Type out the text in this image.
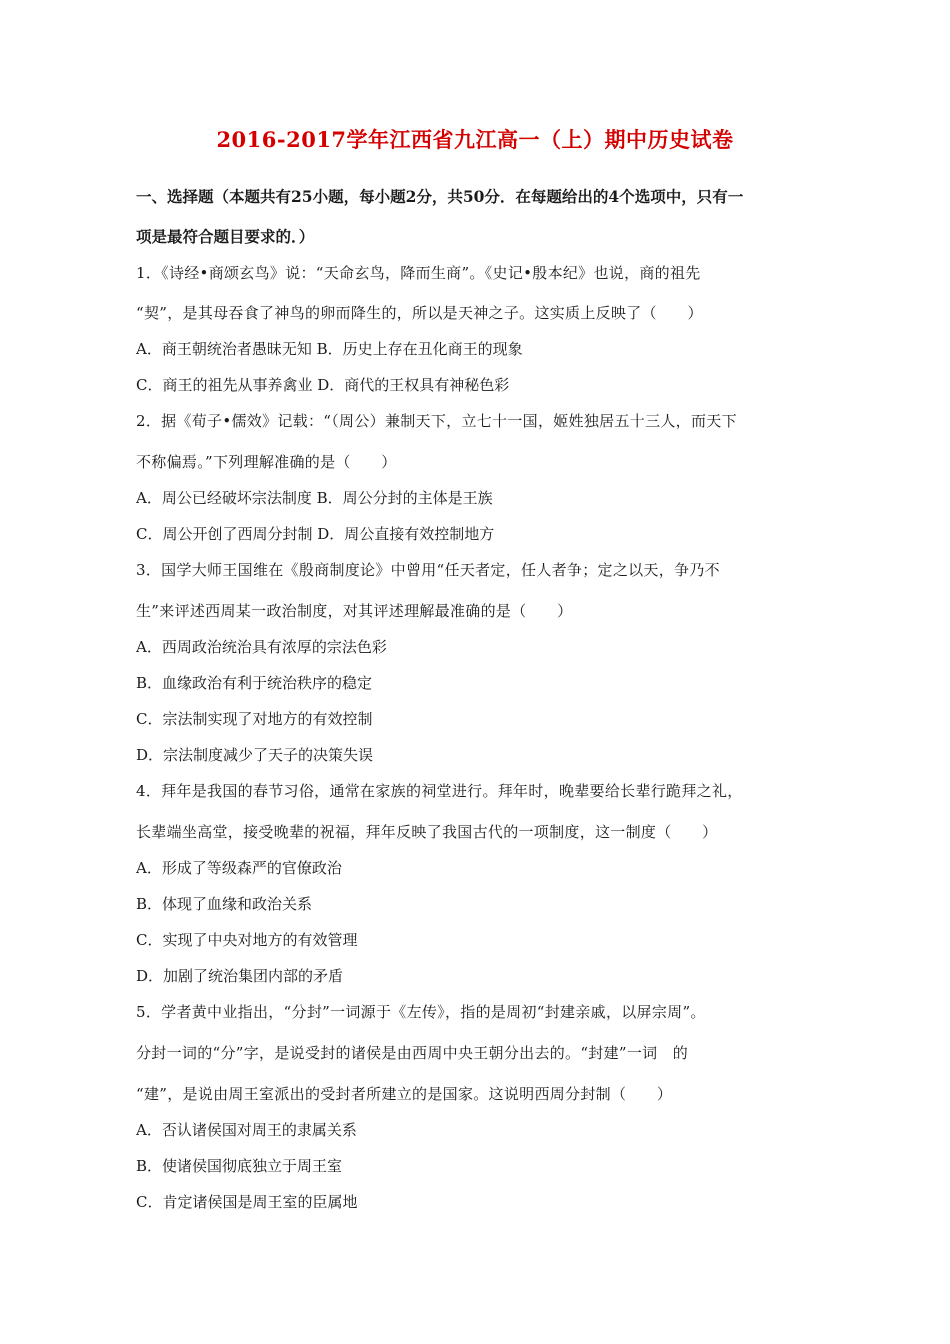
2016-2017学年江西省九江高一（上）期中历史试卷
一、选择题（本题共有25小题，每小题2分，共50分．在每题给出的4个选项中，只有一
项是最符合题目要求的．）
1．《诗经•商颂玄鸟》说：“天命玄鸟，降而生商”。《史记•殷本纪》也说，商的祖先
“契”，是其母吞食了神鸟的卵而降生的，所以是天神之子。这实质上反映了（　　）
A．商王朝统治者愚昧无知 B．历史上存在丑化商王的现象
C．商王的祖先从事养禽业 D．商代的王权具有神秘色彩
2．据《荀子•儒效》记载：“（周公）兼制天下，立七十一国，姬姓独居五十三人，而天下
不称偏焉。”下列理解准确的是（　　）
A．周公已经破坏宗法制度 B．周公分封的主体是王族
C．周公开创了西周分封制 D．周公直接有效控制地方
3．国学大师王国维在《殷商制度论》中曾用“任天者定，任人者争；定之以天，争乃不
生”来评述西周某一政治制度，对其评述理解最准确的是（　　）
A．西周政治统治具有浓厚的宗法色彩
B．血缘政治有利于统治秩序的稳定
C．宗法制实现了对地方的有效控制
D．宗法制度减少了天子的决策失误
4．拜年是我国的春节习俗，通常在家族的祠堂进行。拜年时，晚辈要给长辈行跪拜之礼，
长辈端坐高堂，接受晚辈的祝福，拜年反映了我国古代的一项制度，这一制度（　　）
A．形成了等级森严的官僚政治
B．体现了血缘和政治关系
C．实现了中央对地方的有效管理
D．加剧了统治集团内部的矛盾
5．学者黄中业指出，“分封”一词源于《左传》，指的是周初“封建亲戚，以屏宗周”。
分封一词的“分”字，是说受封的诸侯是由西周中央王朝分出去的。“封建”一词　的
“建”，是说由周王室派出的受封者所建立的是国家。这说明西周分封制（　　）
A．否认诸侯国对周王的隶属关系
B．使诸侯国彻底独立于周王室
C．肯定诸侯国是周王室的臣属地
